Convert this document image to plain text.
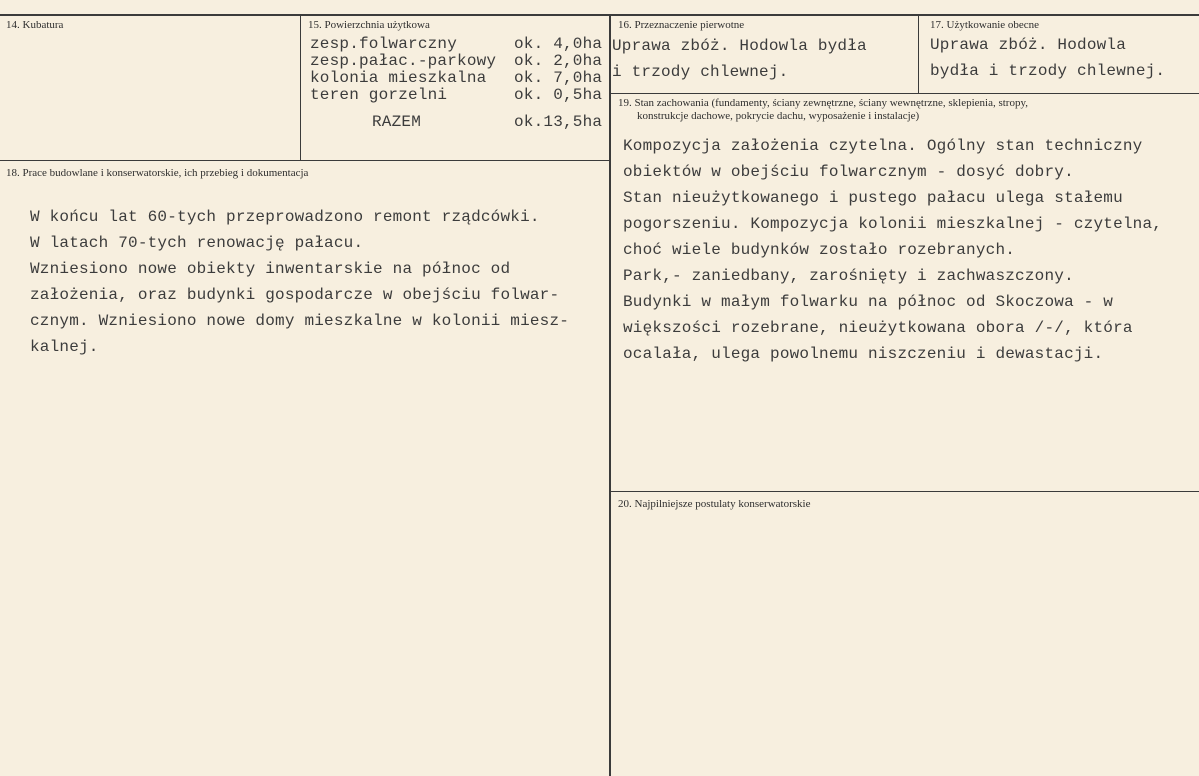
14. Kubatura	15. Powierzchnia użytkowa
zesp.folwarczny	ok. 4,0ha
zesp.pałac.-parkowy ok. 2,0ha
kolonia mieszkalna ok. 7,0ha
teren gorzelni	ok. 0,5ha
RAZEM	ok.13,5ha
16. Przeznaczenie pierwotne
Uprawa zbóż. Hodowla bydła
i trzody chlewnej.
17. Użytkowanie obecne
Uprawa zbóż. Hodowla
bydła i trzody chlewnej.
18. Prace budowlane i konserwatorskie, ich przebieg i dokumentacja
W końcu lat 60-tych przeprowadzono remont rządcówki.
W latach 70-tych renowację pałacu.
Wzniesiono nowe obiekty inwentarskie na północ od
założenia, oraz budynki gospodarcze w obejściu folwar-
cznym. Wzniesiono nowe domy mieszkalne w kolonii miesz-
kalnej.
19. Stan zachowania (fundamenty, ściany zewnętrzne, ściany wewnętrzne, sklepienia, stropy,
konstrukcje dachowe, pokrycie dachu, wyposażenie i instalacje)
Kompozycja założenia czytelna. Ogólny stan techniczny
obiektów w obejściu folwarcznym - dosyć dobry.
Stan nieużytkowanego i pustego pałacu ulega stałemu
pogorszeniu. Kompozycja kolonii mieszkalnej - czytelna,
choć wiele budynków zostało rozebranych.
Park,- zaniedbany, zarośnięty i zachwaszczony.
Budynki w małym folwarku na północ od Skoczowa - w
większości rozebrane, nieużytkowana obora /-/, która
ocalała, ulega powolnemu niszczeniu i dewastacji.
20. Najpilniejsze postulaty konserwatorskie
